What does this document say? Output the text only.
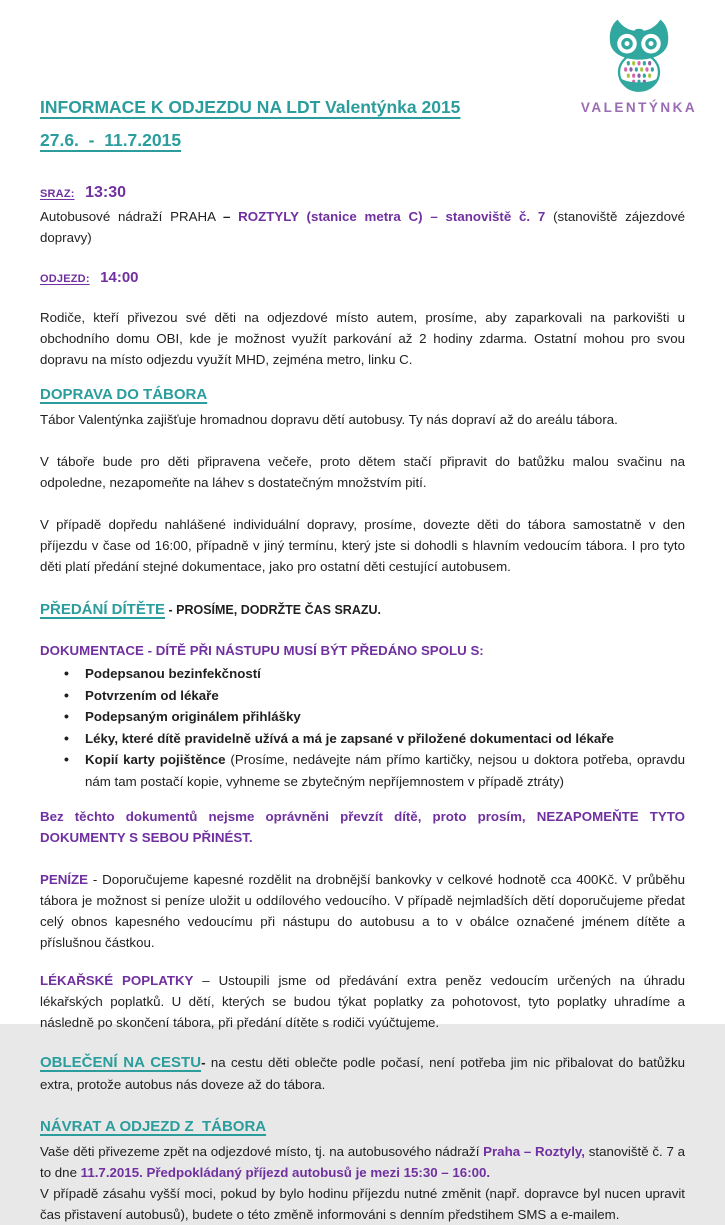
VALENTÝNKA
INFORMACE K ODJEZDU NA LDT Valentýnka 2015
27.6.  -  11.7.2015
SRAZ: 13:30

Autobusové nádraží PRAHA – ROZTYLY (stanice metra C) – stanoviště č. 7 (stanoviště zájezdové dopravy)

ODJEZD: 14:00

Rodiče, kteří přivezou své děti na odjezdové místo autem, prosíme, aby zaparkovali na parkovišti u obchodního domu OBI, kde je možnost využít parkování až 2 hodiny zdarma. Ostatní mohou pro svou dopravu na místo odjezdu využít MHD, zejména metro, linku C.

DOPRAVA DO TÁBORA

Tábor Valentýnka zajišťuje hromadnou dopravu dětí autobusy. Ty nás dopraví až do areálu tábora.

V táboře bude pro děti připravena večeře, proto dětem stačí připravit do batůžku malou svačinu na odpoledne, nezapomeňte na láhev s dostatečným množstvím pití.

V případě dopředu nahlášené individuální dopravy, prosíme, dovezte děti do tábora samostatně v den příjezdu v čase od 16:00, případně v jiný termínu, který jste si dohodli s hlavním vedoucím tábora. I pro tyto děti platí předání stejné dokumentace, jako pro ostatní děti cestující autobusem.

PŘEDÁNÍ DÍTĚTE - PROSÍME, DODRŽTE ČAS SRAZU.

DOKUMENTACE - DÍTĚ PŘI NÁSTUPU MUSÍ BÝT PŘEDÁNO SPOLU S:

• Podepsanou bezinfekčností
• Potvrzením od lékaře
• Podepsaným originálem přihlášky
• Léky, které dítě pravidelně užívá a má je zapsané v přiložené dokumentaci od lékaře
• Kopií karty pojištěnce (Prosíme, nedávejte nám přímo kartičky, nejsou u doktora potřeba, opravdu nám tam postačí kopie, vyhneme se zbytečným nepříjemnostem v případě ztráty)

Bez těchto dokumentů nejsme oprávněni převzít dítě, proto prosím, NEZAPOMEŇTE TYTO DOKUMENTY S SEBOU PŘINÉST.

PENÍZE - Doporučujeme kapesné rozdělit na drobnější bankovky v celkové hodnotě cca 400Kč. V průběhu tábora je možnost si peníze uložit u oddílového vedoucího. V případě nejmladších dětí doporučujeme předat celý obnos kapesného vedoucímu při nástupu do autobusu a to v obálce označené jménem dítěte a příslušnou částkou.

LÉKAŘSKÉ POPLATKY – Ustoupili jsme od předávání extra peněz vedoucím určených na úhradu lékařských poplatků. U dětí, kterých se budou týkat poplatky za pohotovost, tyto poplatky uhradíme a následně po skončení tábora, při předání dítěte s rodiči vyúčtujeme.

OBLEČENÍ NA CESTU- na cestu děti oblečte podle počasí, není potřeba jim nic přibalovat do batůžku extra, protože autobus nás doveze až do tábora.

NÁVRAT A ODJEZD Z  TÁBORA

Vaše děti přivezeme zpět na odjezdové místo, tj. na autobusového nádraží Praha – Roztyly, stanoviště č. 7 a to dne 11.7.2015. Předpokládaný příjezd autobusů je mezi 15:30 – 16:00.

V případě zásahu vyšší moci, pokud by bylo hodinu příjezdu nutné změnit (např. dopravce byl nucen upravit čas přistavení autobusů), budete o této změně informováni s denním předstihem SMS a e-mailem.
